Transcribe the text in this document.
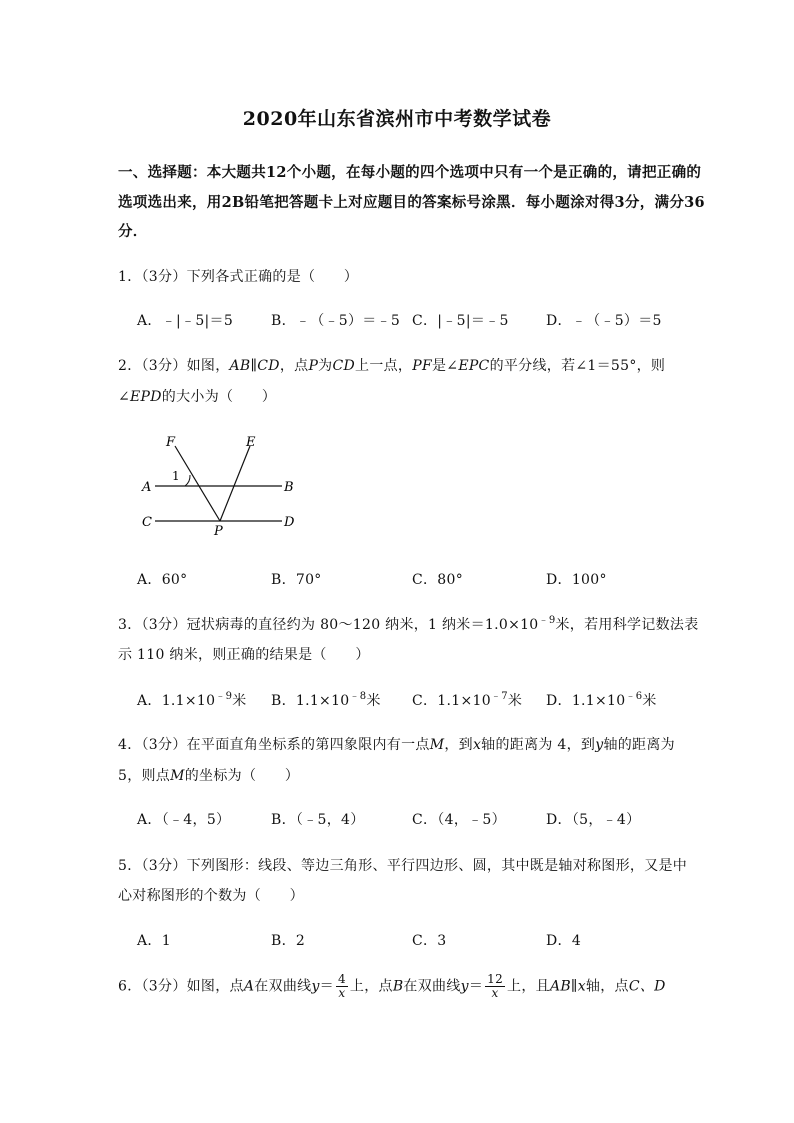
2020年山东省滨州市中考数学试卷
一、选择题：本大题共12个小题，在每小题的四个选项中只有一个是正确的，请把正确的
选项选出来，用2B铅笔把答题卡上对应题目的答案标号涂黑．每小题涂对得3分，满分36
分．
1．（3分）下列各式正确的是（　　）
A．﹣|﹣5|＝5	B．﹣（﹣5）＝﹣5 C．|﹣5|＝﹣5	D．﹣（﹣5）＝5
2．（3分）如图，AB∥CD，点P为CD上一点，PF是∠EPC的平分线，若∠1＝55°，则
∠EPD的大小为（　　）
F	E
A	B
C	D
P
1
A．60°	B．70°	C．80°	D．100°
3．（3分）冠状病毒的直径约为 80～120 纳米，1 纳米$=1.0\times 10^{﹣9}$米，若用科学记数法表
示 110 纳米，则正确的结果是（　　）
A．$1.1\times 10^{﹣9}$米 B．$1.1\times 10^{﹣8}$米 C．$1.1\times 10^{﹣7}$米 D．$1.1\times 10^{﹣6}$米
4．（3分）在平面直角坐标系的第四象限内有一点M，到x轴的距离为 4，到y轴的距离为
5，则点M的坐标为（　　）
A．（﹣4，5）	B．（﹣5，4）	C．（4，﹣5）	D．（5，﹣4）
5．（3分）下列图形：线段、等边三角形、平行四边形、圆，其中既是轴对称图形，又是中
心对称图形的个数为（　　）
A．1	B．2	C．3	D．4
6．（3分）如图，点A在双曲线$y= \frac{4}{x}$ 上，点B在双曲线$y= \frac{12}{x}$ 上，且AB∥x轴，点C、D
